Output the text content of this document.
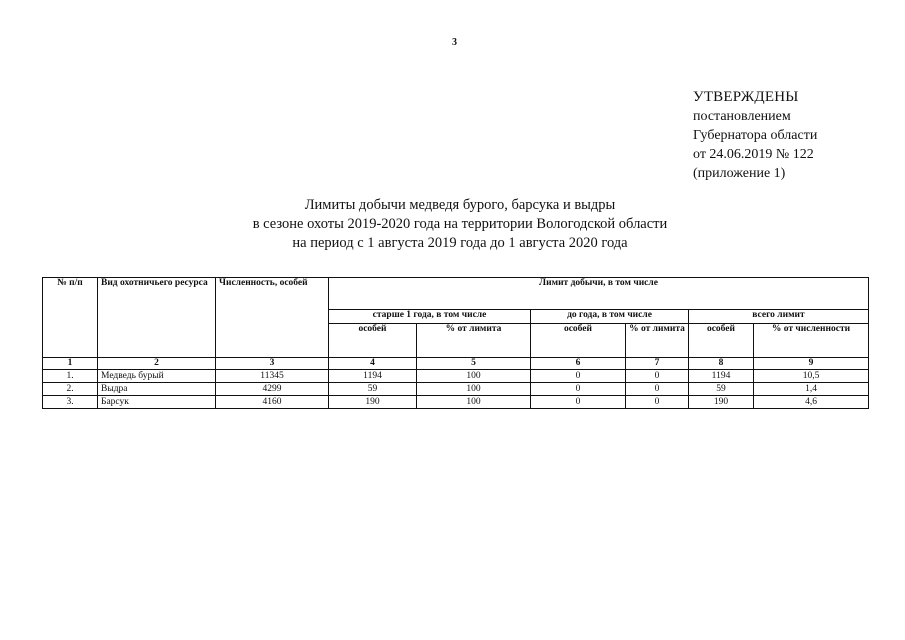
3
УТВЕРЖДЕНЫ
постановлением
Губернатора области
от 24.06.2019 № 122
(приложение 1)
Лимиты добычи медведя бурого, барсука и выдры
в сезоне охоты 2019-2020 года на территории Вологодской области
на период с 1 августа 2019 года до 1 августа 2020 года
№ п/п	Вид охотничьего ресурса	Численность, особей	Лимит добычи, в том числе					
			старше 1 года, в том числе		до года, в том числе		всего лимит	
			особей	% от лимита	особей	% от лимита	особей	% от численности
1	2	3	4	5	6	7	8	9
1.	Медведь бурый	11345	1194	100	0	0	1194	10,5
2.	Выдра	4299	59	100	0	0	59	1,4
3.	Барсук	4160	190	100	0	0	190	4,6
